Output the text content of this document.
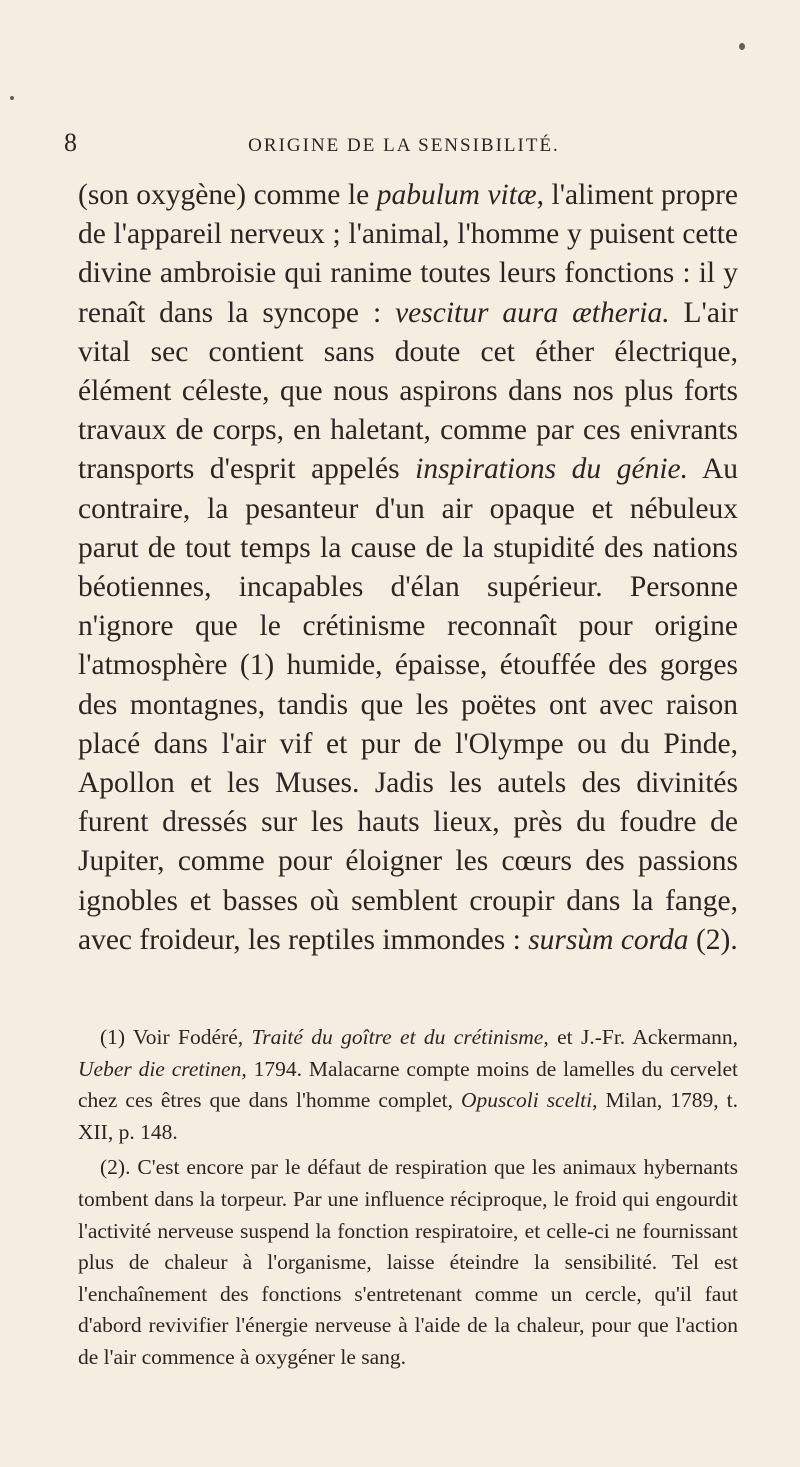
8	ORIGINE DE LA SENSIBILITÉ.

(son oxygène) comme le pabulum vitæ, l'aliment propre de l'appareil nerveux ; l'animal, l'homme y puisent cette divine ambroisie qui ranime toutes leurs fonctions : il y renaît dans la syncope : vescitur aura ætheria. L'air vital sec contient sans doute cet éther électrique, élément céleste, que nous aspirons dans nos plus forts travaux de corps, en haletant, comme par ces enivrants transports d'esprit appelés inspirations du génie. Au contraire, la pesanteur d'un air opaque et nébuleux parut de tout temps la cause de la stupidité des nations béotiennes, incapables d'élan supérieur. Personne n'ignore que le crétinisme reconnaît pour origine l'atmosphère (1) humide, épaisse, étouffée des gorges des montagnes, tandis que les poëtes ont avec raison placé dans l'air vif et pur de l'Olympe ou du Pinde, Apollon et les Muses. Jadis les autels des divinités furent dressés sur les hauts lieux, près du foudre de Jupiter, comme pour éloigner les cœurs des passions ignobles et basses où semblent croupir dans la fange, avec froideur, les reptiles immondes : sursùm corda (2).

(1) Voir Fodéré, Traité du goître et du crétinisme, et J.-Fr. Ackermann, Ueber die cretinen, 1794. Malacarne compte moins de lamelles du cervelet chez ces êtres que dans l'homme complet, Opuscoli scelti, Milan, 1789, t. XII, p. 148.

(2). C'est encore par le défaut de respiration que les animaux hybernants tombent dans la torpeur. Par une influence réciproque, le froid qui engourdit l'activité nerveuse suspend la fonction respiratoire, et celle-ci ne fournissant plus de chaleur à l'organisme, laisse éteindre la sensibilité. Tel est l'enchaînement des fonctions s'entretenant comme un cercle, qu'il faut d'abord revivifier l'énergie nerveuse à l'aide de la chaleur, pour que l'action de l'air commence à oxygéner le sang.
